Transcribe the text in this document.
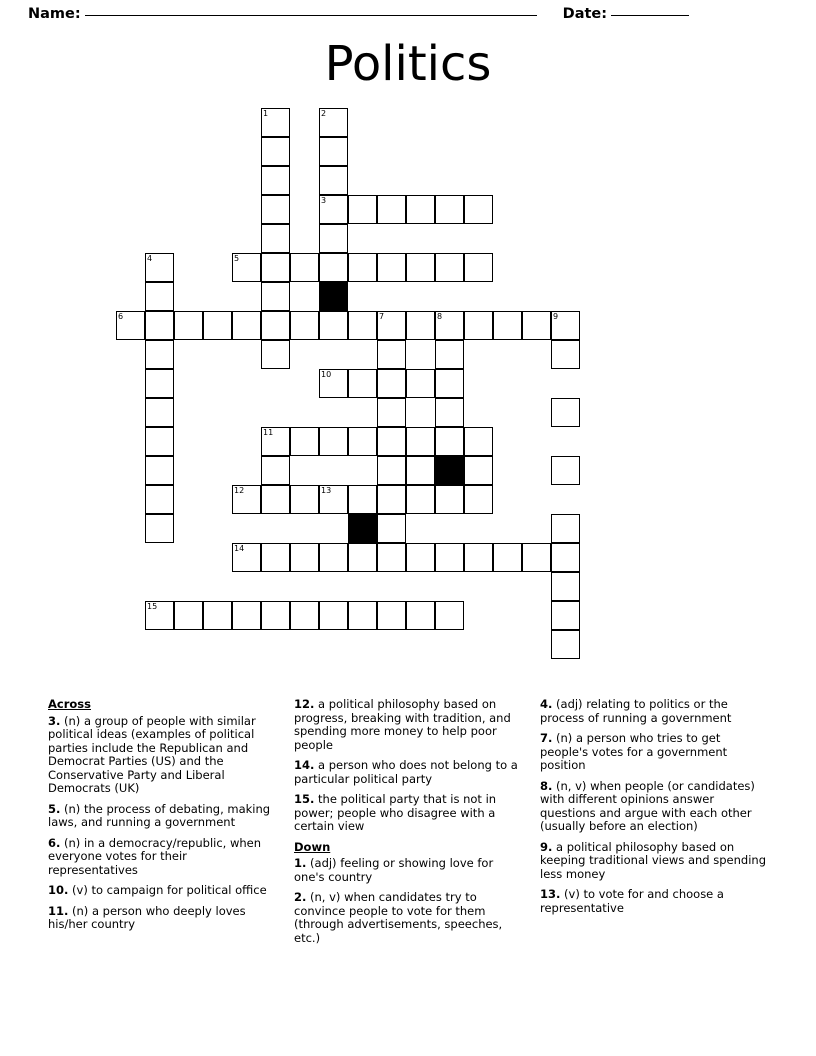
Name:	Date:
Politics
1	2
3
4	5
6	7	8	9
10
11
12	13
14
15
Across
3. (n) a group of people with similar political ideas (examples of political parties include the Republican and Democrat Parties (US) and the Conservative Party and Liberal Democrats (UK)
5. (n) the process of debating, making laws, and running a government
6. (n) in a democracy/republic, when everyone votes for their representatives
10. (v) to campaign for political office
11. (n) a person who deeply loves his/her country
12. a political philosophy based on progress, breaking with tradition, and spending more money to help poor people
14. a person who does not belong to a particular political party
15. the political party that is not in power; people who disagree with a certain view
Down
1. (adj) feeling or showing love for one's country
2. (n, v) when candidates try to convince people to vote for them (through advertisements, speeches, etc.)
4. (adj) relating to politics or the process of running a government
7. (n) a person who tries to get people's votes for a government position
8. (n, v) when people (or candidates) with different opinions answer questions and argue with each other (usually before an election)
9. a political philosophy based on keeping traditional views and spending less money
13. (v) to vote for and choose a representative
